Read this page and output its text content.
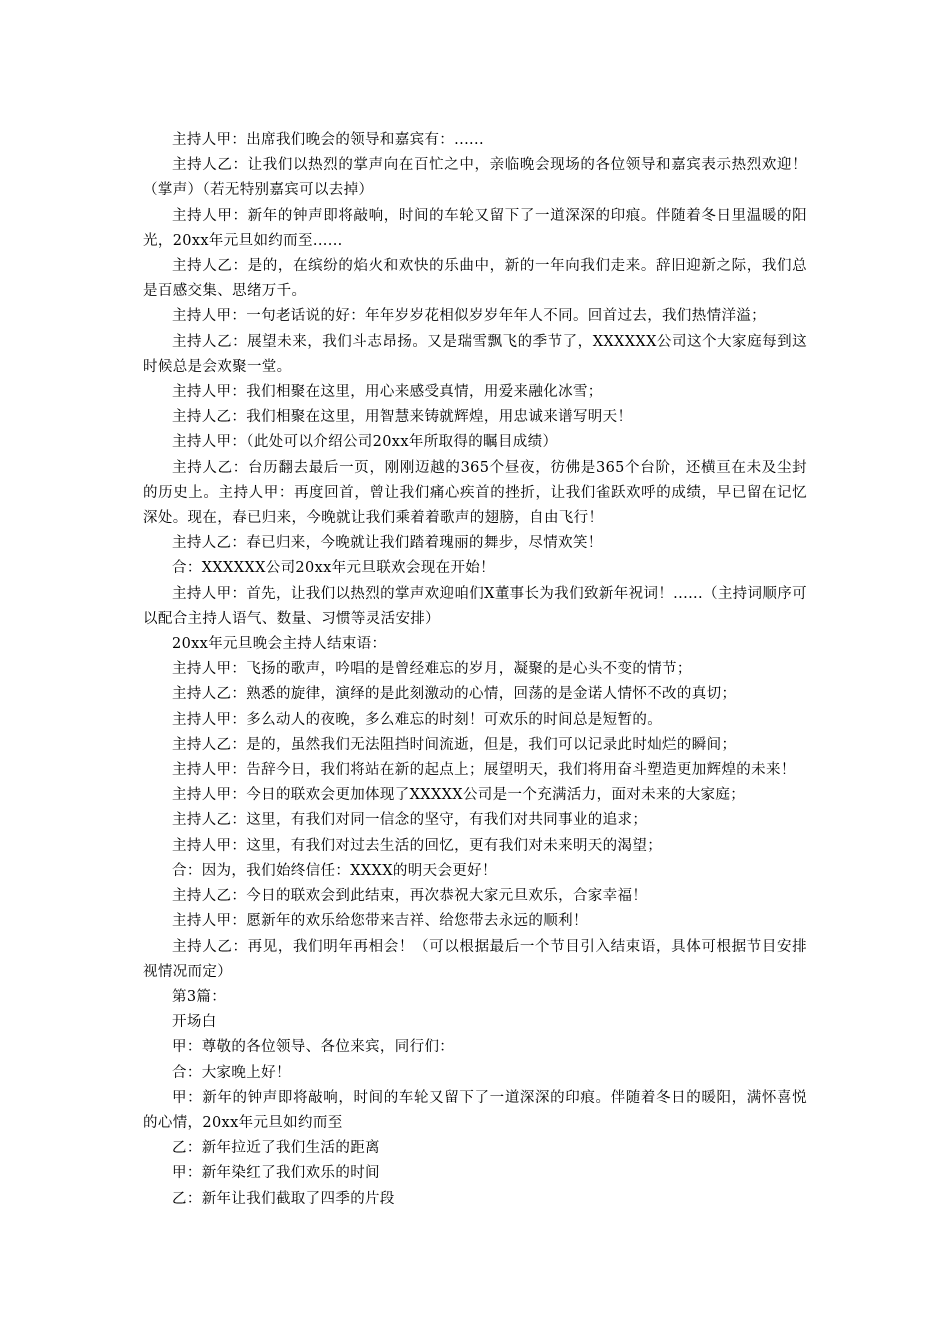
主持人甲：出席我们晚会的领导和嘉宾有：......

主持人乙：让我们以热烈的掌声向在百忙之中，亲临晚会现场的各位领导和嘉宾表示热烈欢迎！（掌声）（若无特别嘉宾可以去掉）

主持人甲：新年的钟声即将敲响，时间的车轮又留下了一道深深的印痕。伴随着冬日里温暖的阳光，20xx年元旦如约而至......

主持人乙：是的，在缤纷的焰火和欢快的乐曲中，新的一年向我们走来。辞旧迎新之际，我们总是百感交集、思绪万千。

主持人甲：一句老话说的好：年年岁岁花相似岁岁年年人不同。回首过去，我们热情洋溢；

主持人乙：展望未来，我们斗志昂扬。又是瑞雪飘飞的季节了，XXXXXX公司这个大家庭每到这时候总是会欢聚一堂。

主持人甲：我们相聚在这里，用心来感受真情，用爱来融化冰雪；

主持人乙：我们相聚在这里，用智慧来铸就辉煌，用忠诚来谱写明天！

主持人甲：（此处可以介绍公司20xx年所取得的瞩目成绩）

主持人乙：台历翻去最后一页，刚刚迈越的365个昼夜，彷佛是365个台阶，还横亘在未及尘封的历史上。主持人甲：再度回首，曾让我们痛心疾首的挫折，让我们雀跃欢呼的成绩，早已留在记忆深处。现在，春已归来，今晚就让我们乘着着歌声的翅膀，自由飞行！

主持人乙：春已归来，今晚就让我们踏着瑰丽的舞步，尽情欢笑！

合：XXXXXX公司20xx年元旦联欢会现在开始！

主持人甲：首先，让我们以热烈的掌声欢迎咱们X董事长为我们致新年祝词！......（主持词顺序可以配合主持人语气、数量、习惯等灵活安排）

20xx年元旦晚会主持人结束语：

主持人甲：飞扬的歌声，吟唱的是曾经难忘的岁月，凝聚的是心头不变的情节；

主持人乙：熟悉的旋律，演绎的是此刻激动的心情，回荡的是金诺人情怀不改的真切；

主持人甲：多么动人的夜晚，多么难忘的时刻！可欢乐的时间总是短暂的。

主持人乙：是的，虽然我们无法阻挡时间流逝，但是，我们可以记录此时灿烂的瞬间；

主持人甲：告辞今日，我们将站在新的起点上；展望明天，我们将用奋斗塑造更加辉煌的未来！

主持人甲：今日的联欢会更加体现了XXXXX公司是一个充满活力，面对未来的大家庭；

主持人乙：这里，有我们对同一信念的坚守，有我们对共同事业的追求；

主持人甲：这里，有我们对过去生活的回忆，更有我们对未来明天的渴望；

合：因为，我们始终信任：XXXX的明天会更好！

主持人乙：今日的联欢会到此结束，再次恭祝大家元旦欢乐，合家幸福！

主持人甲：愿新年的欢乐给您带来吉祥、给您带去永远的顺利！

主持人乙：再见，我们明年再相会！（可以根据最后一个节目引入结束语，具体可根据节目安排视情况而定）

第3篇：

开场白

甲：尊敬的各位领导、各位来宾，同行们：

合：大家晚上好！

甲：新年的钟声即将敲响，时间的车轮又留下了一道深深的印痕。伴随着冬日的暖阳，满怀喜悦的心情，20xx年元旦如约而至

乙：新年拉近了我们生活的距离

甲：新年染红了我们欢乐的时间

乙：新年让我们截取了四季的片段
